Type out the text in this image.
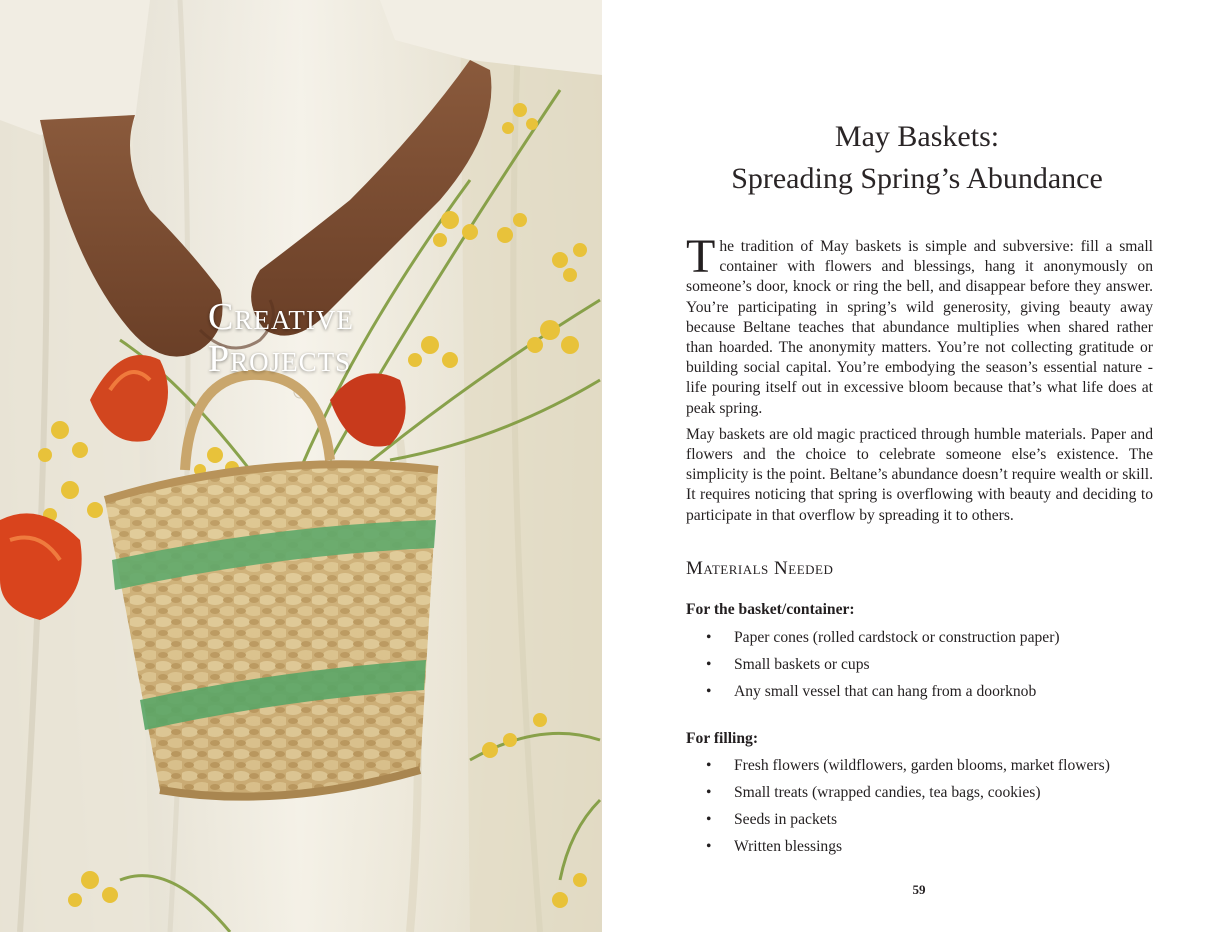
Creative
Projects
May Baskets:
Spreading Spring’s Abundance

The tradition of May baskets is simple and subversive: fill a small container with flowers and blessings, hang it anonymously on someone’s door, knock or ring the bell, and disappear before they answer. You’re participating in spring’s wild generosity, giving beauty away because Beltane teaches that abundance multiplies when shared rather than hoarded. The anonymity matters. You’re not collecting gratitude or building social capital. You’re embodying the season’s essential nature - life pouring itself out in excessive bloom because that’s what life does at peak spring.

May baskets are old magic practiced through humble materials. Paper and flowers and the choice to celebrate someone else’s existence. The simplicity is the point. Beltane’s abundance doesn’t require wealth or skill. It requires noticing that spring is overflowing with beauty and deciding to participate in that overflow by spreading it to others.

Materials Needed
For the basket/container:
• Paper cones (rolled cardstock or construction paper)
• Small baskets or cups
• Any small vessel that can hang from a doorknob
For filling:
• Fresh flowers (wildflowers, garden blooms, market flowers)
• Small treats (wrapped candies, tea bags, cookies)
• Seeds in packets
• Written blessings
59
